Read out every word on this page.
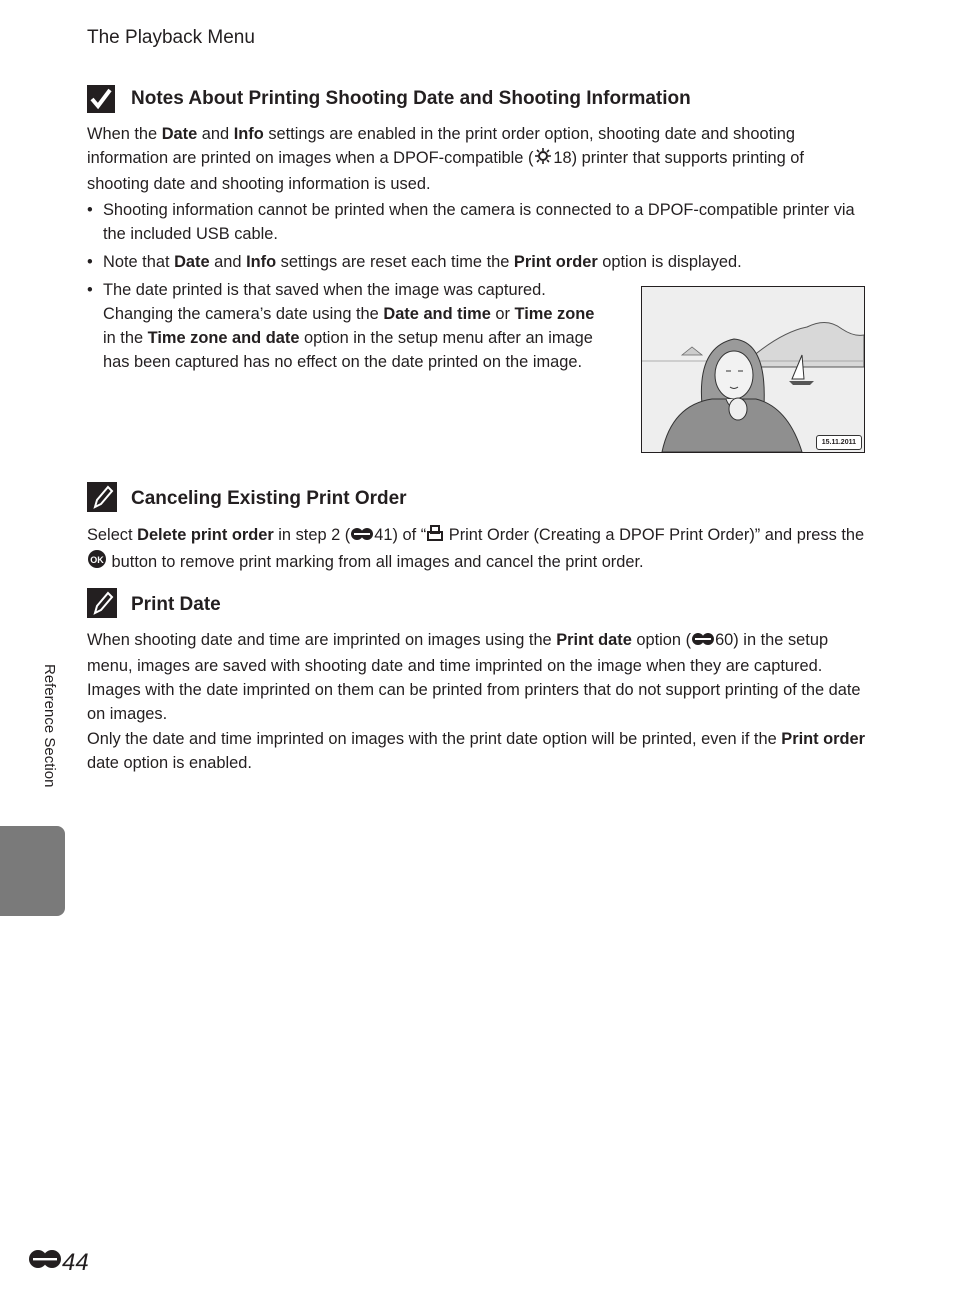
The Playback Menu
Notes About Printing Shooting Date and Shooting Information
When the Date and Info settings are enabled in the print order option, shooting date and shooting information are printed on images when a DPOF-compatible ( 18) printer that supports printing of shooting date and shooting information is used.
• Shooting information cannot be printed when the camera is connected to a DPOF-compatible printer via the included USB cable.
• Note that Date and Info settings are reset each time the Print order option is displayed.
• The date printed is that saved when the image was captured. Changing the camera’s date using the Date and time or Time zone in the Time zone and date option in the setup menu after an image has been captured has no effect on the date printed on the image.
15.11.2011
Canceling Existing Print Order
Select Delete print order in step 2 ( 41) of “ Print Order (Creating a DPOF Print Order)” and press the
OK button to remove print marking from all images and cancel the print order.
Print Date
When shooting date and time are imprinted on images using the Print date option ( 60) in the setup menu, images are saved with shooting date and time imprinted on the image when they are captured. Images with the date imprinted on them can be printed from printers that do not support printing of the date on images.
Only the date and time imprinted on images with the print date option will be printed, even if the Print order date option is enabled.
Reference Section
44
